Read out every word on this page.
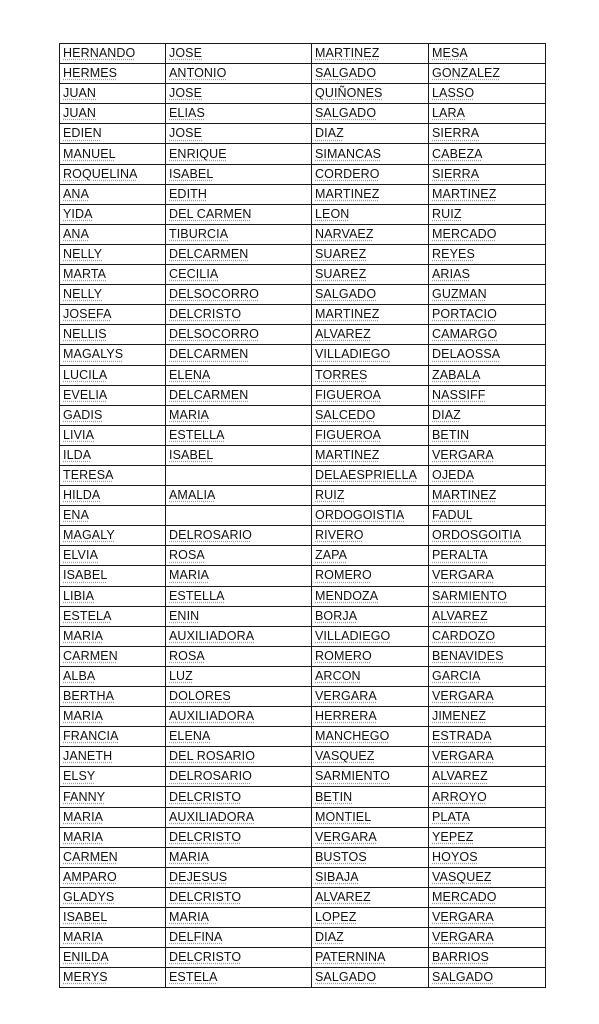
HERNANDO	JOSE	MARTINEZ	MESA
HERMES	ANTONIO	SALGADO	GONZALEZ
JUAN	JOSE	QUIÑONES	LASSO
JUAN	ELIAS	SALGADO	LARA
EDIEN	JOSE	DIAZ	SIERRA
MANUEL	ENRIQUE	SIMANCAS	CABEZA
ROQUELINA	ISABEL	CORDERO	SIERRA
ANA	EDITH	MARTINEZ	MARTINEZ
YIDA	DEL CARMEN	LEON	RUIZ
ANA	TIBURCIA	NARVAEZ	MERCADO
NELLY	DELCARMEN	SUAREZ	REYES
MARTA	CECILIA	SUAREZ	ARIAS
NELLY	DELSOCORRO	SALGADO	GUZMAN
JOSEFA	DELCRISTO	MARTINEZ	PORTACIO
NELLIS	DELSOCORRO	ALVAREZ	CAMARGO
MAGALYS	DELCARMEN	VILLADIEGO	DELAOSSA
LUCILA	ELENA	TORRES	ZABALA
EVELIA	DELCARMEN	FIGUEROA	NASSIFF
GADIS	MARIA	SALCEDO	DIAZ
LIVIA	ESTELLA	FIGUEROA	BETIN
ILDA	ISABEL	MARTINEZ	VERGARA
TERESA		DELAESPRIELLA	OJEDA
HILDA	AMALIA	RUIZ	MARTINEZ
ENA		ORDOGOISTIA	FADUL
MAGALY	DELROSARIO	RIVERO	ORDOSGOITIA
ELVIA	ROSA	ZAPA	PERALTA
ISABEL	MARIA	ROMERO	VERGARA
LIBIA	ESTELLA	MENDOZA	SARMIENTO
ESTELA	ENIN	BORJA	ALVAREZ
MARIA	AUXILIADORA	VILLADIEGO	CARDOZO
CARMEN	ROSA	ROMERO	BENAVIDES
ALBA	LUZ	ARCON	GARCIA
BERTHA	DOLORES	VERGARA	VERGARA
MARIA	AUXILIADORA	HERRERA	JIMENEZ
FRANCIA	ELENA	MANCHEGO	ESTRADA
JANETH	DEL ROSARIO	VASQUEZ	VERGARA
ELSY	DELROSARIO	SARMIENTO	ALVAREZ
FANNY	DELCRISTO	BETIN	ARROYO
MARIA	AUXILIADORA	MONTIEL	PLATA
MARIA	DELCRISTO	VERGARA	YEPEZ
CARMEN	MARIA	BUSTOS	HOYOS
AMPARO	DEJESUS	SIBAJA	VASQUEZ
GLADYS	DELCRISTO	ALVAREZ	MERCADO
ISABEL	MARIA	LOPEZ	VERGARA
MARIA	DELFINA	DIAZ	VERGARA
ENILDA	DELCRISTO	PATERNINA	BARRIOS
MERYS	ESTELA	SALGADO	SALGADO
